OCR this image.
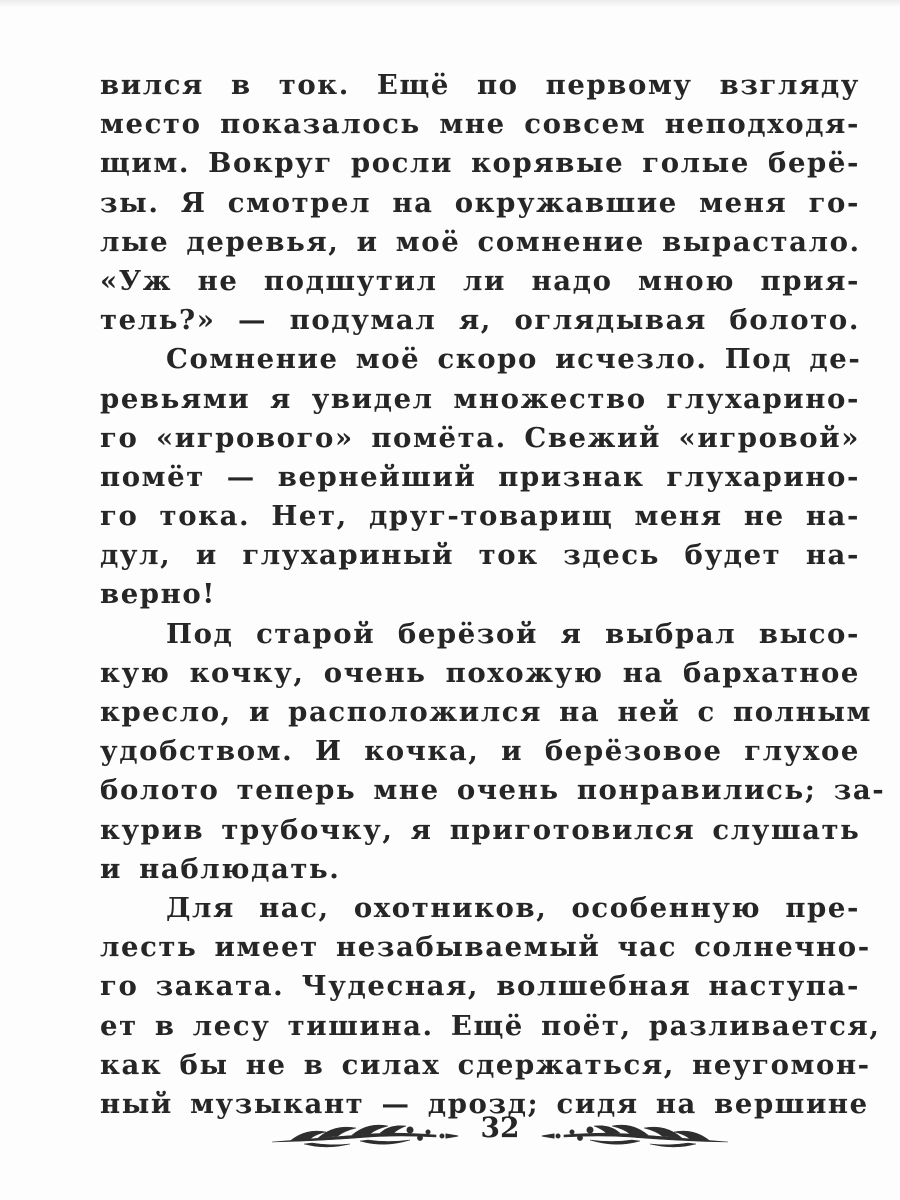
вился в ток. Ещё по первому взгляду
место показалось мне совсем неподходя-
щим. Вокруг росли корявые голые берё-
зы. Я смотрел на окружавшие меня го-
лые деревья, и моё сомнение вырастало.
«Уж не подшутил ли надо мною прия-
тель?» — подумал я, оглядывая болото.
Сомнение моё скоро исчезло. Под де-
ревьями я увидел множество глухарино-
го «игрового» помёта. Свежий «игровой»
помёт — вернейший признак глухарино-
го тока. Нет, друг-товарищ меня не на-
дул, и глухариный ток здесь будет на-
верно!
Под старой берёзой я выбрал высо-
кую кочку, очень похожую на бархатное
кресло, и расположился на ней с полным
удобством. И кочка, и берёзовое глухое
болото теперь мне очень понравились; за-
курив трубочку, я приготовился слушать
и наблюдать.
Для нас, охотников, особенную пре-
лесть имеет незабываемый час солнечно-
го заката. Чудесная, волшебная наступа-
ет в лесу тишина. Ещё поёт, разливается,
как бы не в силах сдержаться, неугомон-
ный музыкант — дрозд; сидя на вершине
32
